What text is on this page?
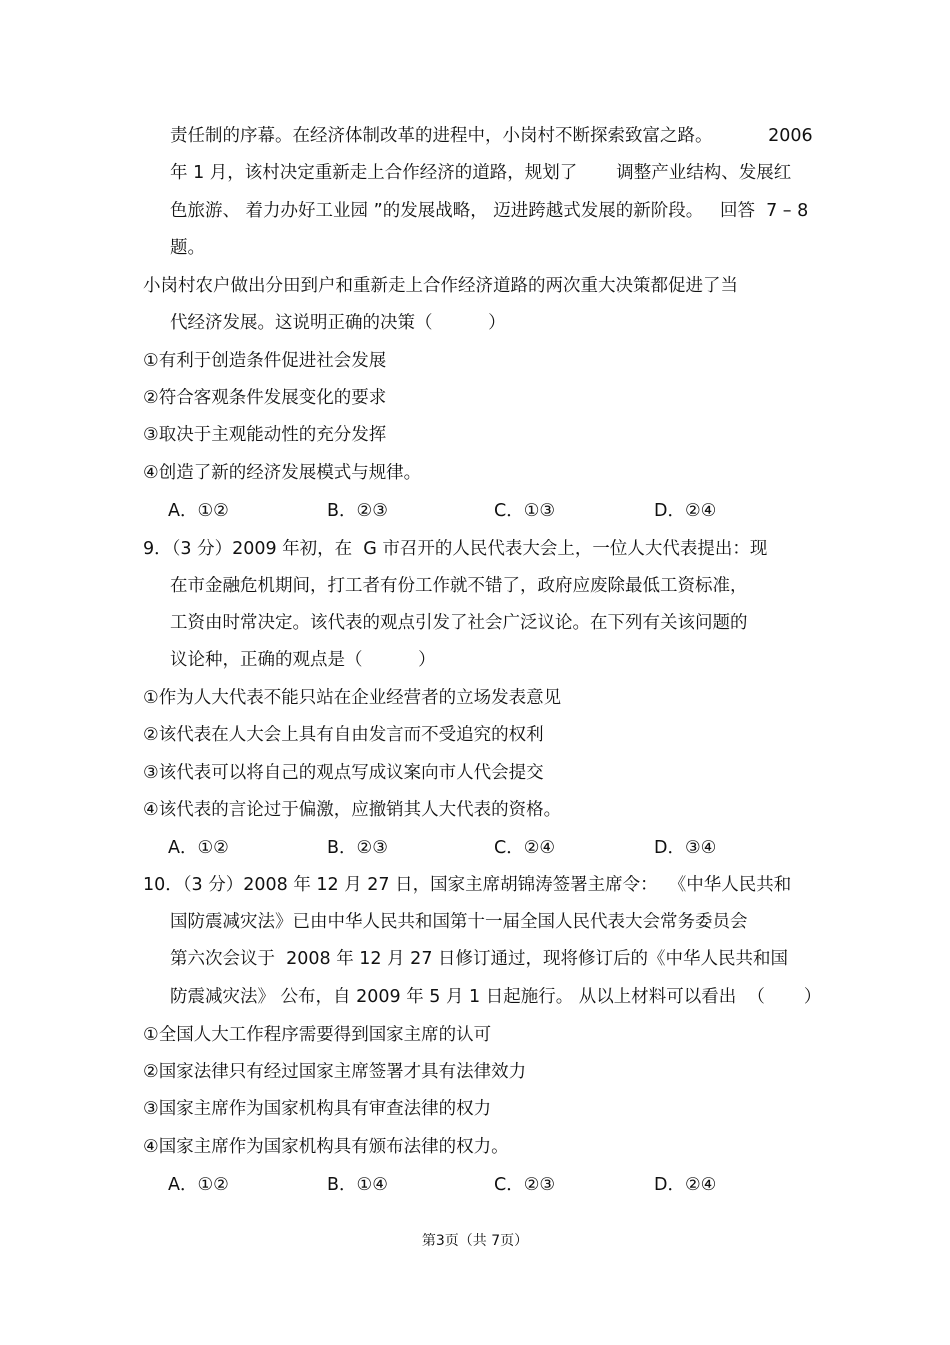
责任制的序幕。在经济体制改革的进程中，小岗村不断探索致富之路。          2006
年 1 月，该村决定重新走上合作经济的道路，规划了       调整产业结构、发展红
色旅游、 着力办好工业园 ”的发展战略， 迈进跨越式发展的新阶段。   回答  7 – 8
题。
小岗村农户做出分田到户和重新走上合作经济道路的两次重大决策都促进了当
代经济发展。这说明正确的决策（          ）
①有利于创造条件促进社会发展
②符合客观条件发展变化的要求
③取决于主观能动性的充分发挥
④创造了新的经济发展模式与规律。
A．①②	B．②③	C．①③	D．②④
9．（3 分）2009 年初，在  G 市召开的人民代表大会上，一位人大代表提出：现
在市金融危机期间，打工者有份工作就不错了，政府应废除最低工资标准，
工资由时常决定。该代表的观点引发了社会广泛议论。在下列有关该问题的
议论种，正确的观点是（          ）
①作为人大代表不能只站在企业经营者的立场发表意见
②该代表在人大会上具有自由发言而不受追究的权利
③该代表可以将自己的观点写成议案向市人代会提交
④该代表的言论过于偏激，应撤销其人大代表的资格。
A．①②	B．②③	C．②④	D．③④
10．（3 分）2008 年 12 月 27 日，国家主席胡锦涛签署主席令：  《中华人民共和
国防震减灾法》已由中华人民共和国第十一届全国人民代表大会常务委员会
第六次会议于  2008 年 12 月 27 日修订通过，现将修订后的《中华人民共和国
防震减灾法》 公布，自 2009 年 5 月 1 日起施行。 从以上材料可以看出  （       ）
①全国人大工作程序需要得到国家主席的认可
②国家法律只有经过国家主席签署才具有法律效力
③国家主席作为国家机构具有审查法律的权力
④国家主席作为国家机构具有颁布法律的权力。
A．①②	B．①④	C．②③	D．②④
第3页（共 7页）
